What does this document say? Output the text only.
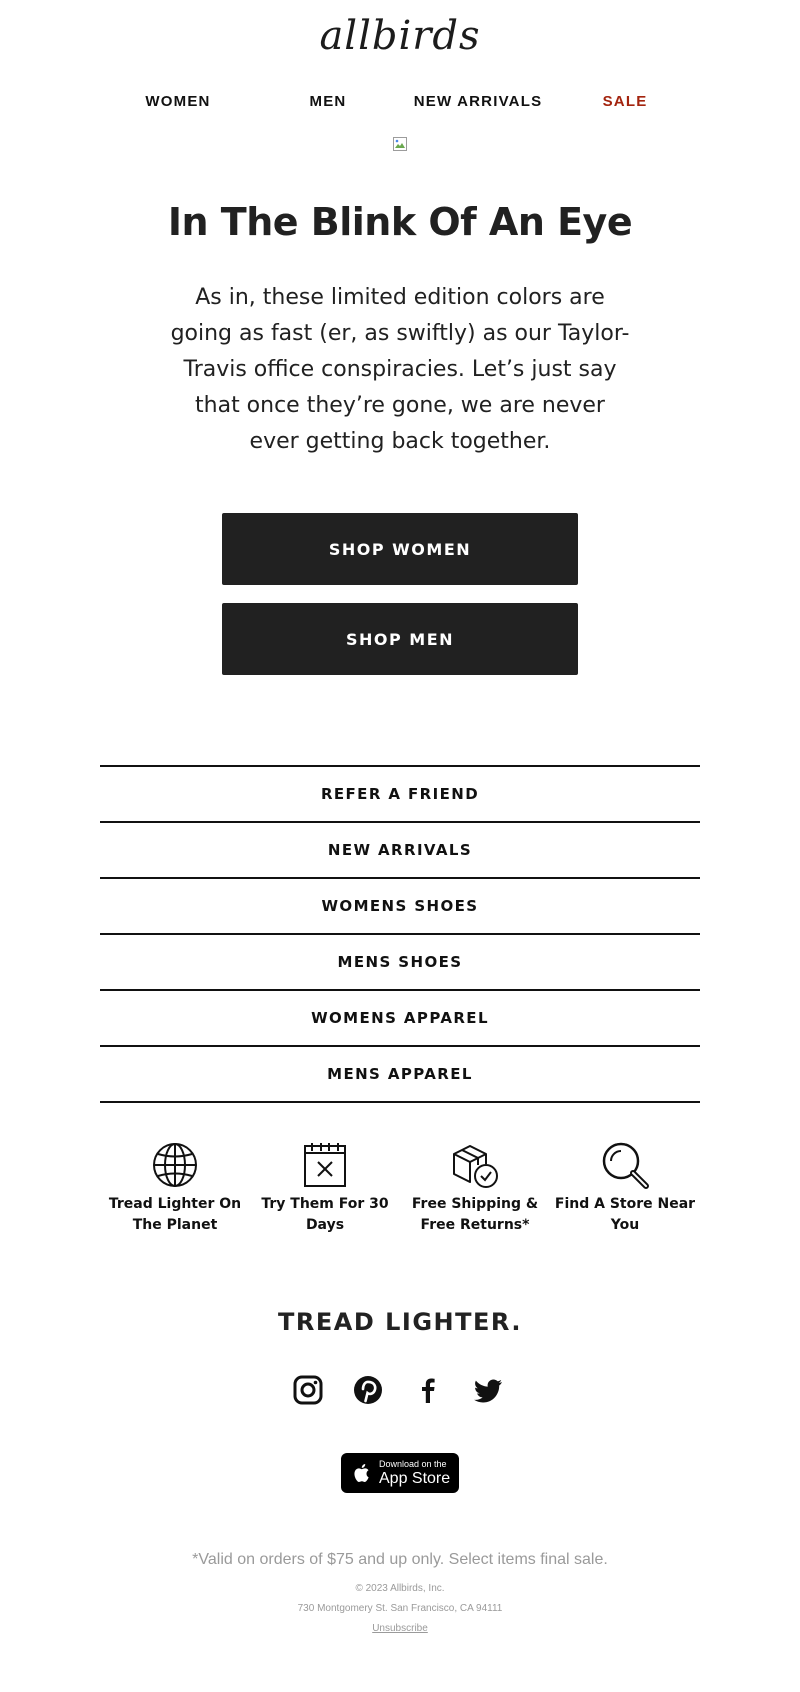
allbirds
WOMEN	MEN	NEW ARRIVALS	SALE
In The Blink Of An Eye

As in, these limited edition colors are going as fast (er, as swiftly) as our Taylor-Travis office conspiracies. Let’s just say that once they’re gone, we are never ever getting back together.

SHOP WOMEN
SHOP MEN
REFER A FRIEND
NEW ARRIVALS
WOMENS SHOES
MENS SHOES
WOMENS APPAREL
MENS APPAREL
Tread Lighter On The Planet
Try Them For 30 Days
Free Shipping & Free Returns*
Find A Store Near You
TREAD LIGHTER.
Download on the
App Store
*Valid on orders of $75 and up only. Select items final sale.
© 2023 Allbirds, Inc.
730 Montgomery St. San Francisco, CA 94111
Unsubscribe
